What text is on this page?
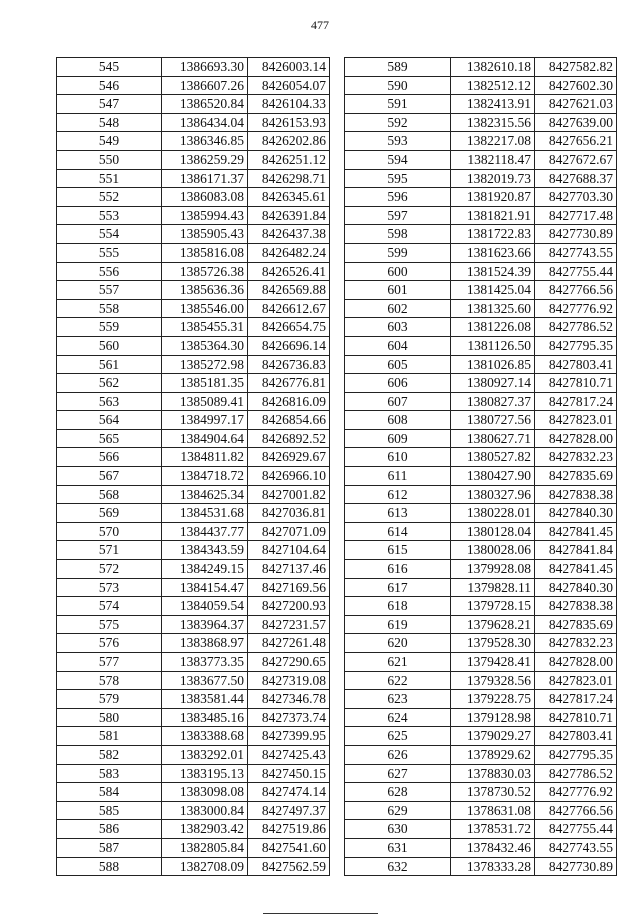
477
545	1386693.30	8426003.14
546	1386607.26	8426054.07
547	1386520.84	8426104.33
548	1386434.04	8426153.93
549	1386346.85	8426202.86
550	1386259.29	8426251.12
551	1386171.37	8426298.71
552	1386083.08	8426345.61
553	1385994.43	8426391.84
554	1385905.43	8426437.38
555	1385816.08	8426482.24
556	1385726.38	8426526.41
557	1385636.36	8426569.88
558	1385546.00	8426612.67
559	1385455.31	8426654.75
560	1385364.30	8426696.14
561	1385272.98	8426736.83
562	1385181.35	8426776.81
563	1385089.41	8426816.09
564	1384997.17	8426854.66
565	1384904.64	8426892.52
566	1384811.82	8426929.67
567	1384718.72	8426966.10
568	1384625.34	8427001.82
569	1384531.68	8427036.81
570	1384437.77	8427071.09
571	1384343.59	8427104.64
572	1384249.15	8427137.46
573	1384154.47	8427169.56
574	1384059.54	8427200.93
575	1383964.37	8427231.57
576	1383868.97	8427261.48
577	1383773.35	8427290.65
578	1383677.50	8427319.08
579	1383581.44	8427346.78
580	1383485.16	8427373.74
581	1383388.68	8427399.95
582	1383292.01	8427425.43
583	1383195.13	8427450.15
584	1383098.08	8427474.14
585	1383000.84	8427497.37
586	1382903.42	8427519.86
587	1382805.84	8427541.60
588	1382708.09	8427562.59
589	1382610.18	8427582.82
590	1382512.12	8427602.30
591	1382413.91	8427621.03
592	1382315.56	8427639.00
593	1382217.08	8427656.21
594	1382118.47	8427672.67
595	1382019.73	8427688.37
596	1381920.87	8427703.30
597	1381821.91	8427717.48
598	1381722.83	8427730.89
599	1381623.66	8427743.55
600	1381524.39	8427755.44
601	1381425.04	8427766.56
602	1381325.60	8427776.92
603	1381226.08	8427786.52
604	1381126.50	8427795.35
605	1381026.85	8427803.41
606	1380927.14	8427810.71
607	1380827.37	8427817.24
608	1380727.56	8427823.01
609	1380627.71	8427828.00
610	1380527.82	8427832.23
611	1380427.90	8427835.69
612	1380327.96	8427838.38
613	1380228.01	8427840.30
614	1380128.04	8427841.45
615	1380028.06	8427841.84
616	1379928.08	8427841.45
617	1379828.11	8427840.30
618	1379728.15	8427838.38
619	1379628.21	8427835.69
620	1379528.30	8427832.23
621	1379428.41	8427828.00
622	1379328.56	8427823.01
623	1379228.75	8427817.24
624	1379128.98	8427810.71
625	1379029.27	8427803.41
626	1378929.62	8427795.35
627	1378830.03	8427786.52
628	1378730.52	8427776.92
629	1378631.08	8427766.56
630	1378531.72	8427755.44
631	1378432.46	8427743.55
632	1378333.28	8427730.89
